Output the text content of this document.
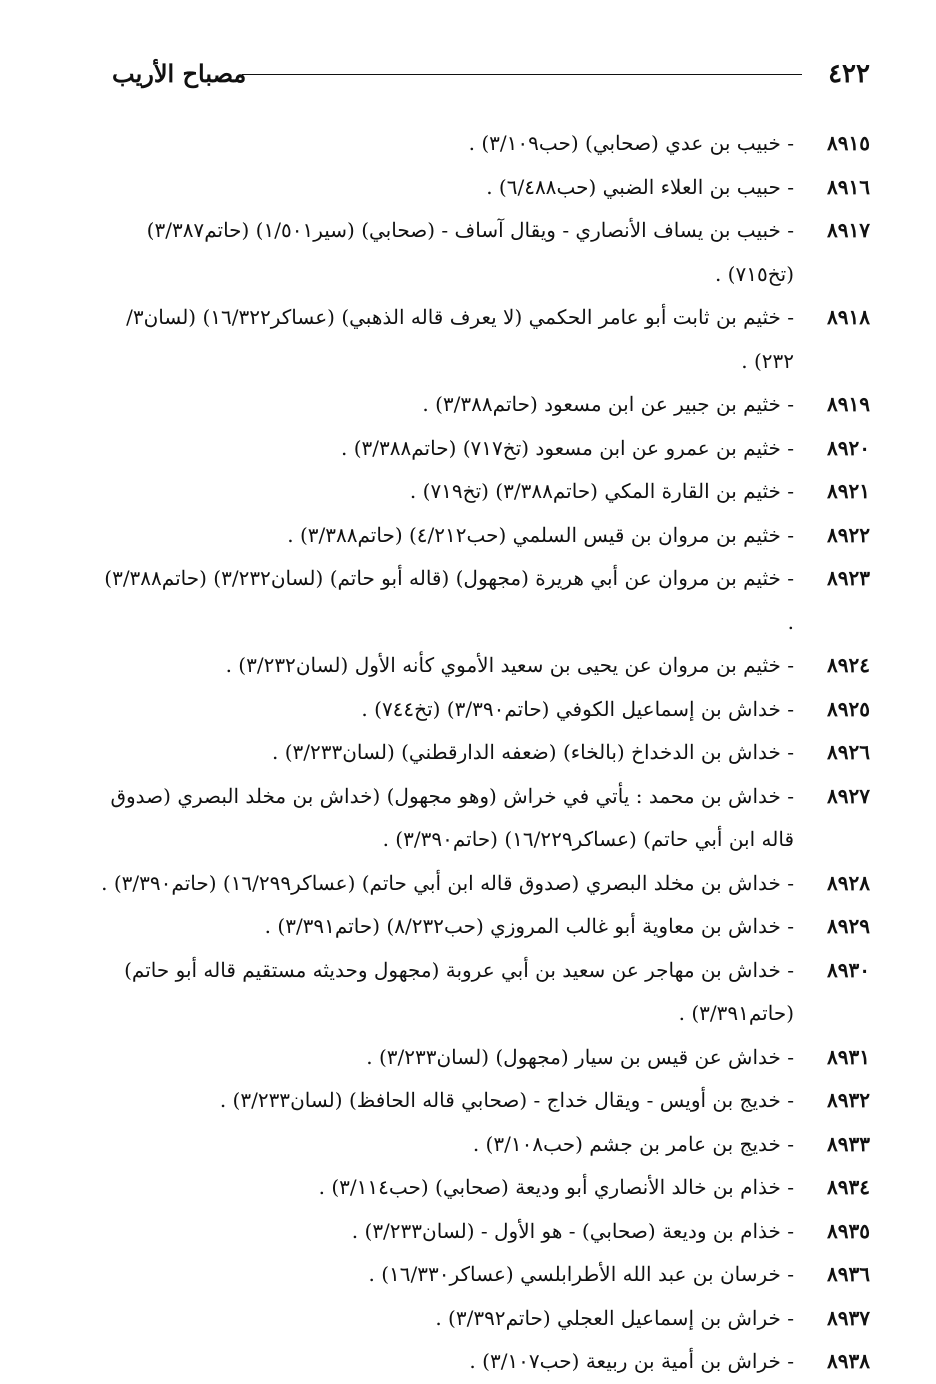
٤٢٢
مصباح الأريب
٨٩١٥
- خبيب بن عدي (صحابي) (حب٣/١٠٩) .
٨٩١٦
- حبيب بن العلاء الضبي (حب٦/٤٨٨) .
٨٩١٧
- خبيب بن يساف الأنصاري - ويقال آساف - (صحابي) (سير١/٥٠١) (حاتم٣/٣٨٧) (تخ٧١٥) .
٨٩١٨
- خثيم بن ثابت أبو عامر الحكمي (لا يعرف قاله الذهبي) (عساكر١٦/٣٢٢) (لسان٣/ ٢٣٢) .
٨٩١٩
- خثيم بن جبير عن ابن مسعود (حاتم٣/٣٨٨) .
٨٩٢٠
- خثيم بن عمرو عن ابن مسعود (تخ٧١٧) (حاتم٣/٣٨٨) .
٨٩٢١
- خثيم بن القارة المكي (حاتم٣/٣٨٨) (تخ٧١٩) .
٨٩٢٢
- خثيم بن مروان بن قيس السلمي (حب٤/٢١٢) (حاتم٣/٣٨٨) .
٨٩٢٣
- خثيم بن مروان عن أبي هريرة (مجهول) (قاله أبو حاتم) (لسان٣/٢٣٢) (حاتم٣/٣٨٨) .
٨٩٢٤
- خثيم بن مروان عن يحيى بن سعيد الأموي كأنه الأول (لسان٣/٢٣٢) .
٨٩٢٥
- خداش بن إسماعيل الكوفي (حاتم٣/٣٩٠) (تخ٧٤٤) .
٨٩٢٦
- خداش بن الدخداخ (بالخاء) (ضعفه الدارقطني) (لسان٣/٢٣٣) .
٨٩٢٧
- خداش بن محمد : يأتي في خراش (وهو مجهول) (خداش بن مخلد البصري (صدوق قاله ابن أبي حاتم) (عساكر١٦/٢٢٩) (حاتم٣/٣٩٠) .
٨٩٢٨
- خداش بن مخلد البصري (صدوق قاله ابن أبي حاتم) (عساكر١٦/٢٩٩) (حاتم٣/٣٩٠) .
٨٩٢٩
- خداش بن معاوية أبو غالب المروزي (حب٨/٢٣٢) (حاتم٣/٣٩١) .
٨٩٣٠
- خداش بن مهاجر عن سعيد بن أبي عروبة (مجهول وحديثه مستقيم قاله أبو حاتم) (حاتم٣/٣٩١) .
٨٩٣١
- خداش عن قيس بن سيار (مجهول) (لسان٣/٢٣٣) .
٨٩٣٢
- خديج بن أويس - ويقال خداج - (صحابي قاله الحافظ) (لسان٣/٢٣٣) .
٨٩٣٣
- خديج بن عامر بن جشم (حب٣/١٠٨) .
٨٩٣٤
- خذام بن خالد الأنصاري أبو وديعة (صحابي) (حب٣/١١٤) .
٨٩٣٥
- خذام بن وديعة (صحابي) - هو الأول - (لسان٣/٢٣٣) .
٨٩٣٦
- خرسان بن عبد الله الأطرابلسي (عساكر١٦/٣٣٠) .
٨٩٣٧
- خراش بن إسماعيل العجلي (حاتم٣/٣٩٢) .
٨٩٣٨
- خراش بن أمية بن ربيعة (حب٣/١٠٧) .
